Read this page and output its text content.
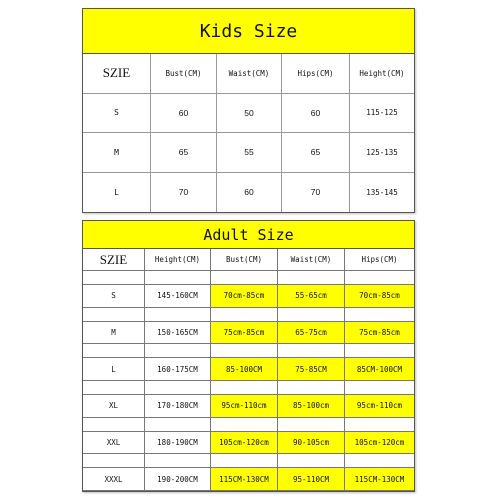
Kids Size
SZIE	Bust(CM)	Waist(CM)	Hips(CM)	Height(CM)
S	60	50	60	115-125
M	65	55	65	125-135
L	70	60	70	135-145
Adult Size
SZIE	Height(CM)	Bust(CM)	Waist(CM)	Hips(CM)
S	145-160CM	70cm-85cm	55-65cm	70cm-85cm
M	150-165CM	75cm-85cm	65-75cm	75cm-85cm
L	160-175CM	85-100CM	75-85CM	85CM-100CM
XL	170-180CM	95cm-110cm	85-100cm	95cm-110cm
XXL	180-190CM	105cm-120cm	90-105cm	105cm-120cm
XXXL	190-200CM	115CM-130CM	95-110CM	115CM-130CM
